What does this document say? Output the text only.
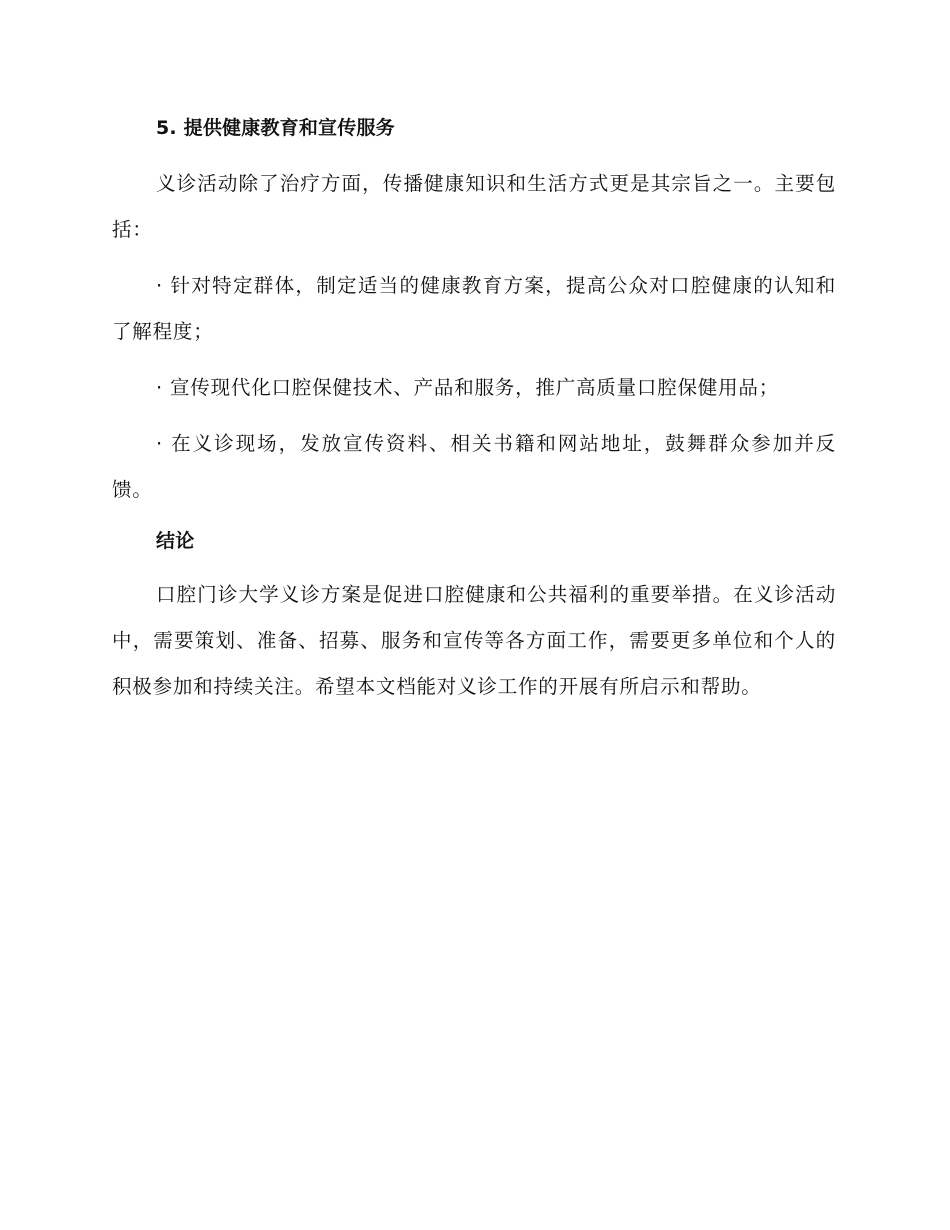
5. 提供健康教育和宣传服务

义诊活动除了治疗方面，传播健康知识和生活方式更是其宗旨之一。主要包括：

· 针对特定群体，制定适当的健康教育方案，提高公众对口腔健康的认知和了解程度；

· 宣传现代化口腔保健技术、产品和服务，推广高质量口腔保健用品；

· 在义诊现场，发放宣传资料、相关书籍和网站地址，鼓舞群众参加并反馈。

结论

口腔门诊大学义诊方案是促进口腔健康和公共福利的重要举措。在义诊活动中，需要策划、准备、招募、服务和宣传等各方面工作，需要更多单位和个人的积极参加和持续关注。希望本文档能对义诊工作的开展有所启示和帮助。
